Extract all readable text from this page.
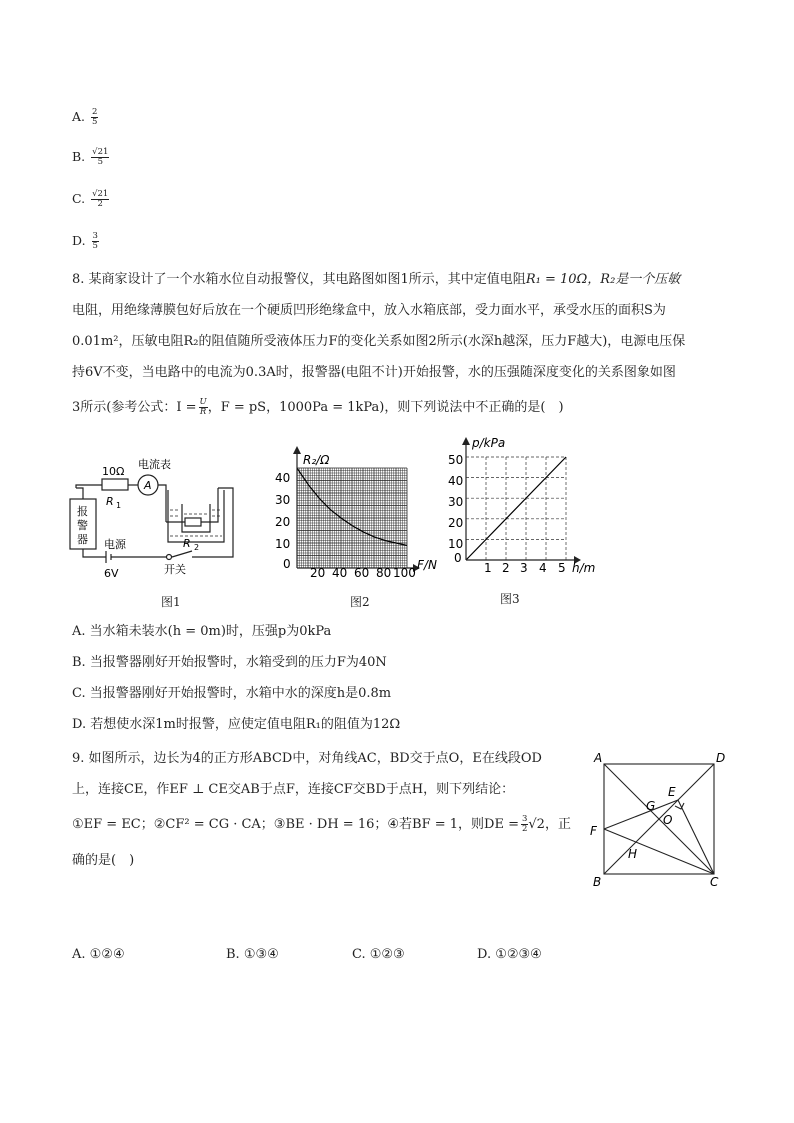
A. $\frac{2}{5}$
B. $\frac{√21}{5}$
C. $\frac{√21}{2}$
D. $\frac{3}{5}$
8. 某商家设计了一个水箱水位自动报警仪，其电路图如图1所示，其中定值电阻R₁ = 10Ω，R₂是一个压敏
电阻，用绝缘薄膜包好后放在一个硬质凹形绝缘盒中，放入水箱底部，受力面水平，承受水压的面积S为
0.01m²，压敏电阻R₂的阻值随所受液体压力F的变化关系如图2所示(水深h越深，压力F越大)，电源电压保
持6V不变，当电路中的电流为0.3A时，报警器(电阻不计)开始报警，水的压强随深度变化的关系图象如图
3所示(参考公式：$I = \frac{U}{R}$ ，F = pS，1000Pa = 1kPa)，则下列说法中不正确的是(　)
10Ω
R 1
电流表
A
报
警
器 电源
6V	开关
R 2
图1
R₂/Ω
F/N
40
30
20
10
0
20 40 60 80 100
图2
p/kPa
h/m
50
40
30
20
10
0
1 2 3 4 5
图3
A. 当水箱未装水(h = 0m)时，压强p为0kPa
B. 当报警器刚好开始报警时，水箱受到的压力F为40N
C. 当报警器刚好开始报警时，水箱中水的深度h是0.8m
D. 若想使水深1m时报警，应使定值电阻R₁的阻值为12Ω
9. 如图所示，边长为4的正方形ABCD中，对角线AC，BD交于点O，E在线段OD
上，连接CE，作EF ⊥ CE交AB于点F，连接CF交BD于点H，则下列结论：
①EF = EC；②CF² = CG · CA；③BE · DH = 16；④若BF = 1，则DE = $\frac{3}{2} √2$，正
确的是(　)
A	D
E
G
O
F
H
B	C
A. ①②④	B. ①③④	C. ①②③	D. ①②③④
